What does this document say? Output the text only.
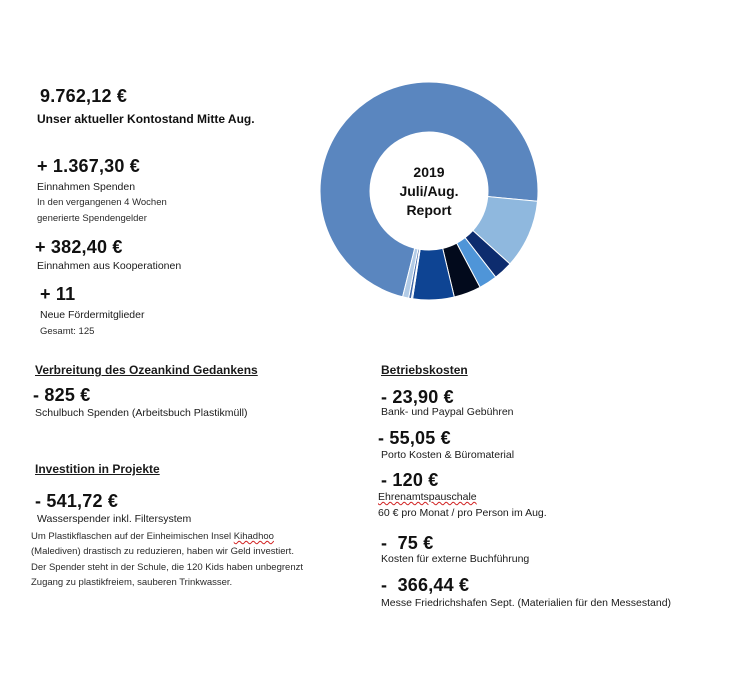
9.762,12 €
Unser aktueller Kontostand Mitte Aug.
+ 1.367,30 €
Einnahmen Spenden
In den vergangenen 4 Wochen
generierte Spendengelder
+ 382,40 €
Einnahmen aus Kooperationen
+ 11
Neue Fördermitglieder
Gesamt: 125
2019
Juli/Aug.
Report
Verbreitung des Ozeankind Gedankens
- 825 €
Schulbuch Spenden (Arbeitsbuch Plastikmüll)
Investition in Projekte
- 541,72 €
Wasserspender inkl. Filtersystem
Um Plastikflaschen auf der Einheimischen Insel Kihadhoo
(Malediven) drastisch zu reduzieren, haben wir Geld investiert.
Der Spender steht in der Schule, die 120 Kids haben unbegrenzt
Zugang zu plastikfreiem, sauberen Trinkwasser.
Betriebskosten
- 23,90 €
Bank- und Paypal Gebühren
- 55,05 €
Porto Kosten & Büromaterial
- 120 €
Ehrenamtspauschale
60 € pro Monat / pro Person im Aug.
-  75 €
Kosten für externe Buchführung
-  366,44 €
Messe Friedrichshafen Sept. (Materialien für den Messestand)
